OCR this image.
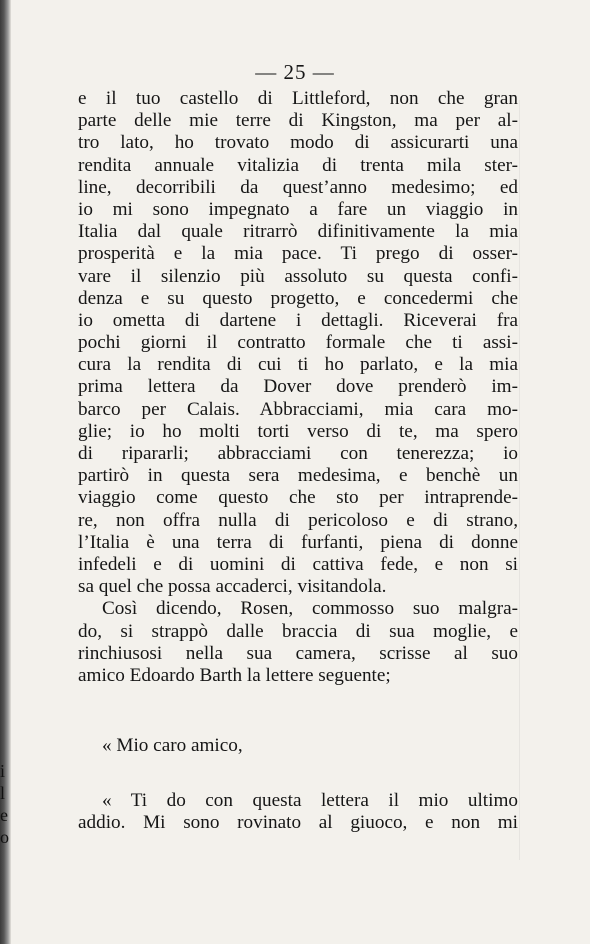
i
l
e
o
— 25 —
e il tuo castello di Littleford, non che gran
parte delle mie terre di Kingston, ma per al-
tro lato, ho trovato modo di assicurarti una
rendita annuale vitalizia di trenta mila ster-
line, decorribili da quest’anno medesimo; ed
io mi sono impegnato a fare un viaggio in
Italia dal quale ritrarrò difinitivamente la mia
prosperità e la mia pace. Ti prego di osser-
vare il silenzio più assoluto su questa confi-
denza e su questo progetto, e concedermi che
io ometta di dartene i dettagli. Riceverai fra
pochi giorni il contratto formale che ti assi-
cura la rendita di cui ti ho parlato, e la mia
prima lettera da Dover dove prenderò im-
barco per Calais. Abbracciami, mia cara mo-
glie; io ho molti torti verso di te, ma spero
di ripararli; abbracciami con tenerezza; io
partirò in questa sera medesima, e benchè un
viaggio come questo che sto per intraprende-
re, non offra nulla di pericoloso e di strano,
l’Italia è una terra di furfanti, piena di donne
infedeli e di uomini di cattiva fede, e non si
sa quel che possa accaderci, visitandola.
Così dicendo, Rosen, commosso suo malgra-
do, si strappò dalle braccia di sua moglie, e
rinchiusosi nella sua camera, scrisse al suo
amico Edoardo Barth la lettere seguente;
« Mio caro amico,
« Ti do con questa lettera il mio ultimo
addio. Mi sono rovinato al giuoco, e non mi
